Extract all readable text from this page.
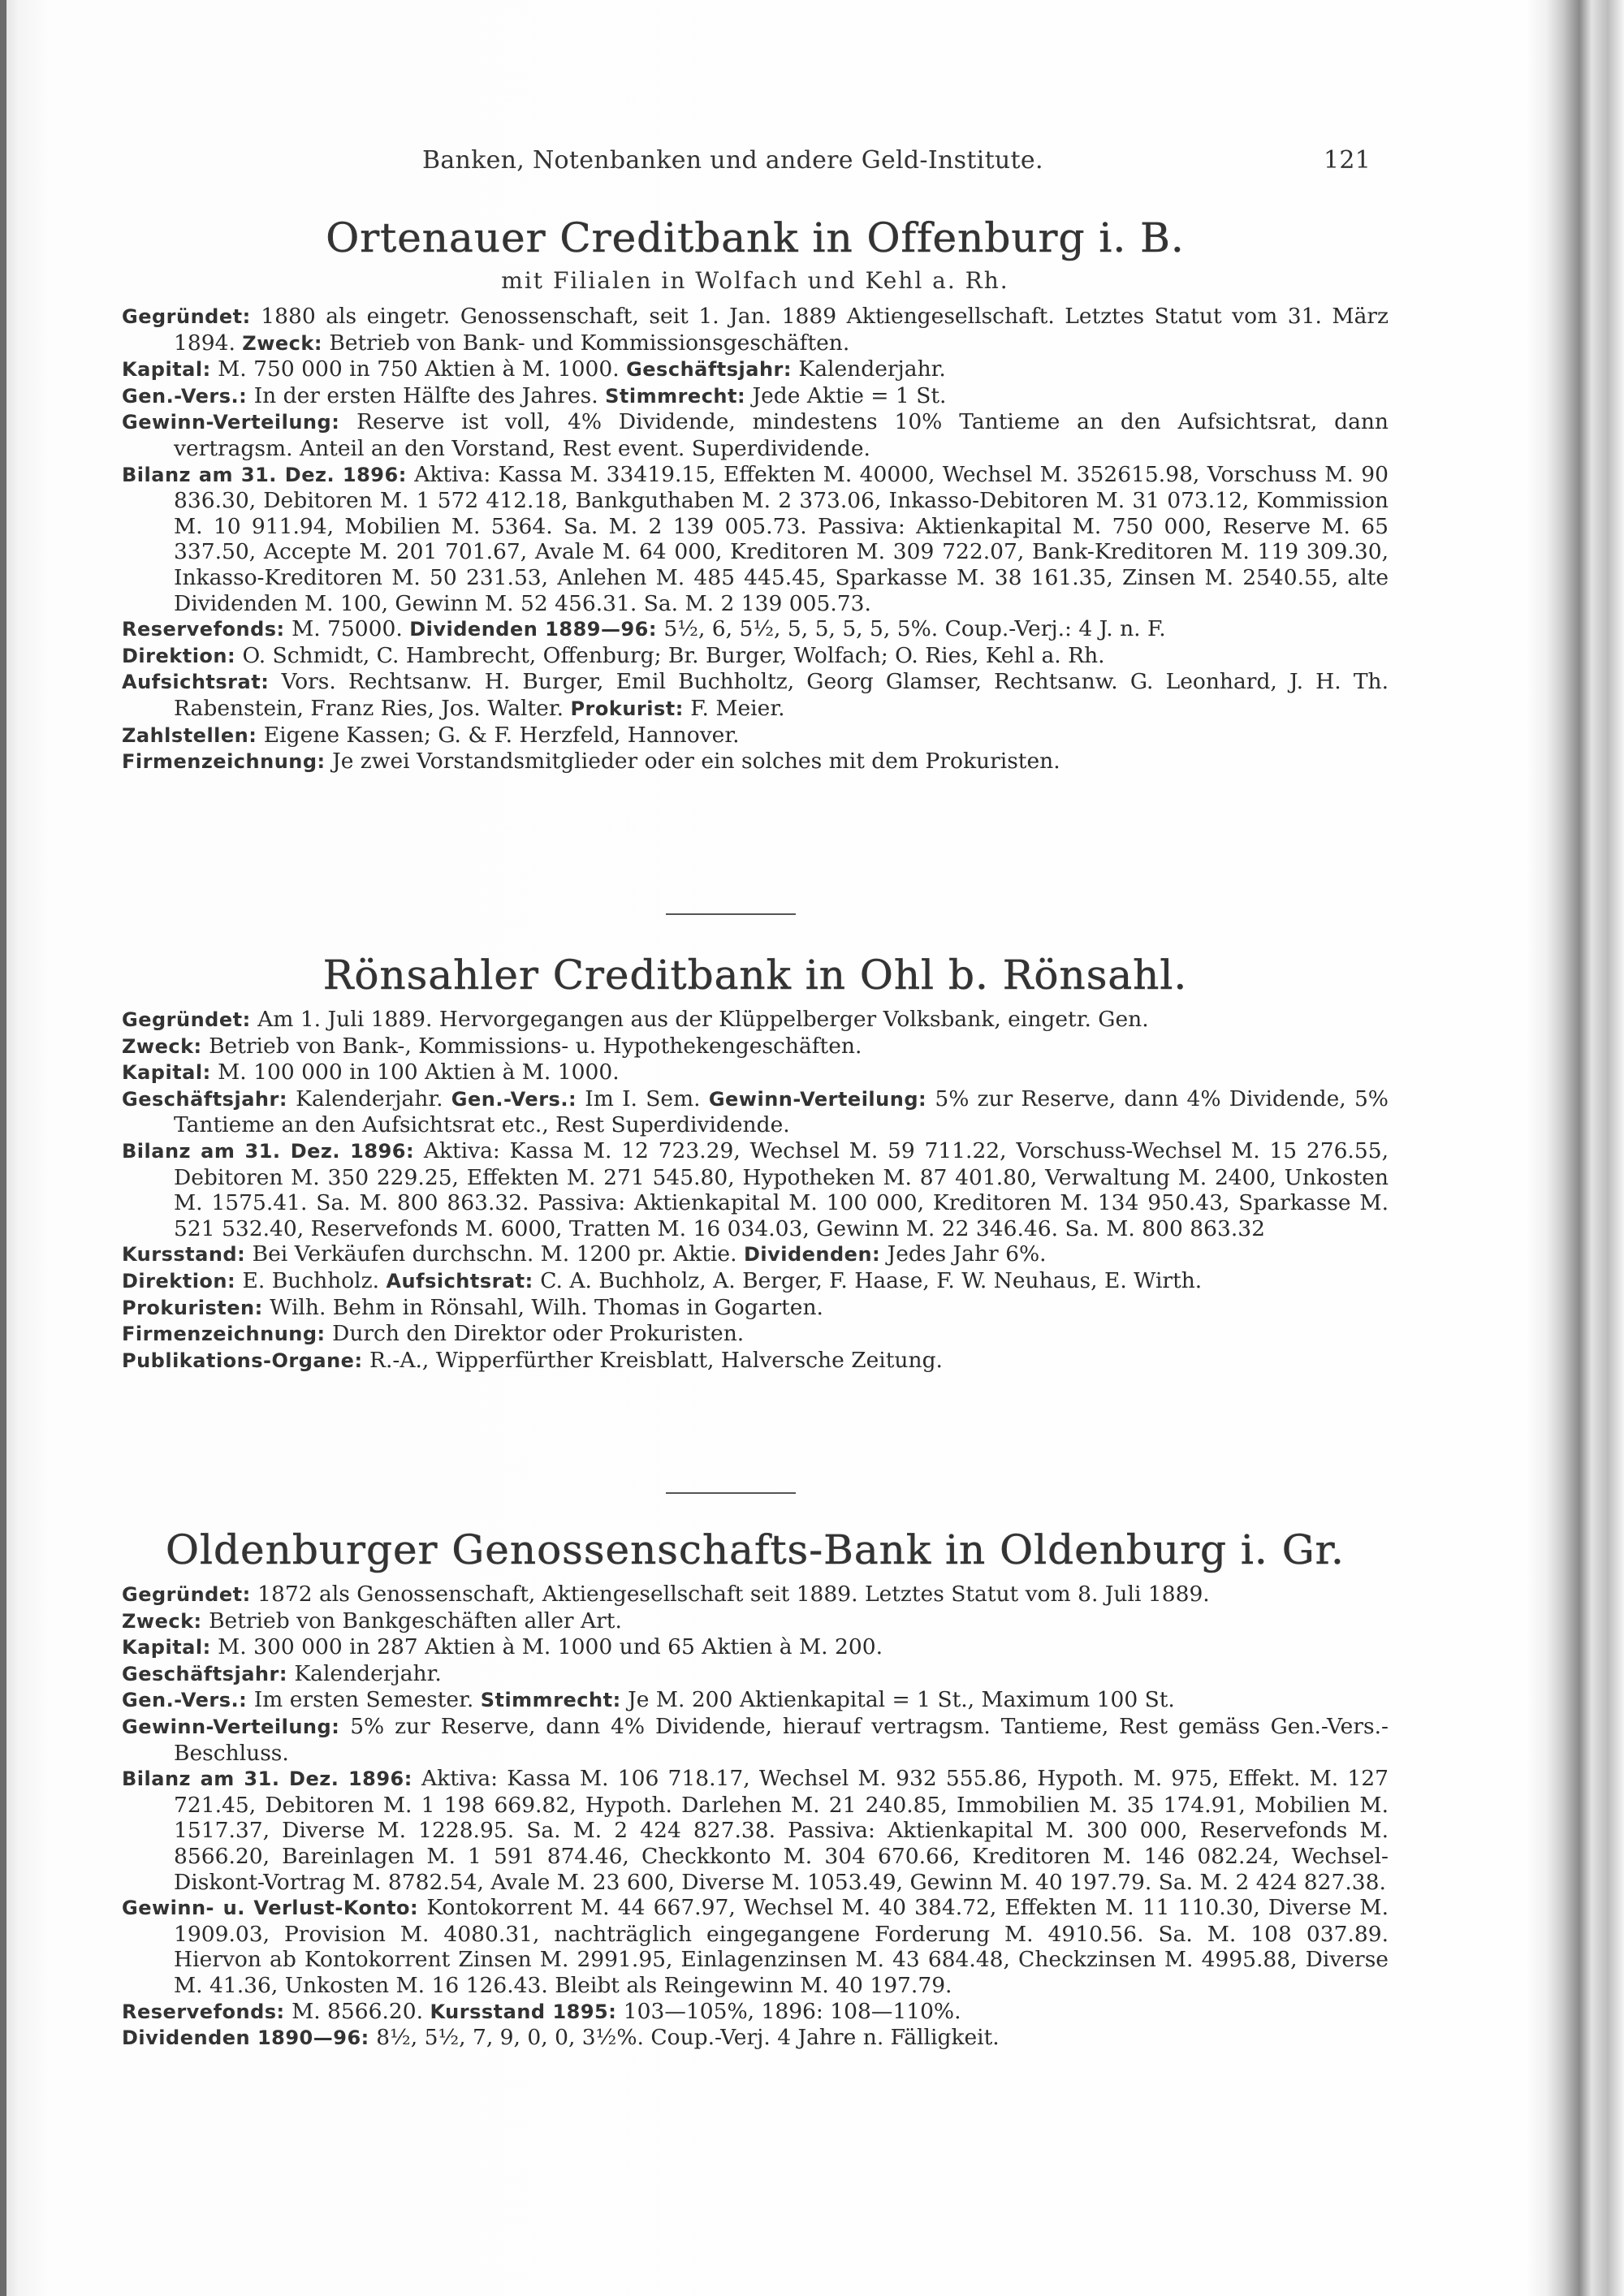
Banken, Notenbanken und andere Geld-Institute.	121
Ortenauer Creditbank in Offenburg i. B.
mit Filialen in Wolfach und Kehl a. Rh.

Gegründet: 1880 als eingetr. Genossenschaft, seit 1. Jan. 1889 Aktiengesellschaft. Letztes Statut vom 31. März 1894. Zweck: Betrieb von Bank- und Kommissionsgeschäften.

Kapital: M. 750 000 in 750 Aktien à M. 1000. Geschäftsjahr: Kalenderjahr.

Gen.-Vers.: In der ersten Hälfte des Jahres. Stimmrecht: Jede Aktie = 1 St.

Gewinn-Verteilung: Reserve ist voll, 4% Dividende, mindestens 10% Tantieme an den Aufsichtsrat, dann vertragsm. Anteil an den Vorstand, Rest event. Superdividende.

Bilanz am 31. Dez. 1896: Aktiva: Kassa M. 33419.15, Effekten M. 40000, Wechsel M. 352615.98, Vorschuss M. 90 836.30, Debitoren M. 1 572 412.18, Bankguthaben M. 2 373.06, Inkasso-Debitoren M. 31 073.12, Kommission M. 10 911.94, Mobilien M. 5364. Sa. M. 2 139 005.73. Passiva: Aktienkapital M. 750 000, Reserve M. 65 337.50, Accepte M. 201 701.67, Avale M. 64 000, Kreditoren M. 309 722.07, Bank-Kreditoren M. 119 309.30, Inkasso-Kreditoren M. 50 231.53, Anlehen M. 485 445.45, Sparkasse M. 38 161.35, Zinsen M. 2540.55, alte Dividenden M. 100, Gewinn M. 52 456.31. Sa. M. 2 139 005.73.

Reservefonds: M. 75000. Dividenden 1889—96: 5½, 6, 5½, 5, 5, 5, 5, 5%. Coup.-Verj.: 4 J. n. F.

Direktion: O. Schmidt, C. Hambrecht, Offenburg; Br. Burger, Wolfach; O. Ries, Kehl a. Rh.

Aufsichtsrat: Vors. Rechtsanw. H. Burger, Emil Buchholtz, Georg Glamser, Rechtsanw. G. Leonhard, J. H. Th. Rabenstein, Franz Ries, Jos. Walter. Prokurist: F. Meier.

Zahlstellen: Eigene Kassen; G. & F. Herzfeld, Hannover.

Firmenzeichnung: Je zwei Vorstandsmitglieder oder ein solches mit dem Prokuristen.

Rönsahler Creditbank in Ohl b. Rönsahl.

Gegründet: Am 1. Juli 1889. Hervorgegangen aus der Klüppelberger Volksbank, eingetr. Gen.

Zweck: Betrieb von Bank-, Kommissions- u. Hypothekengeschäften.

Kapital: M. 100 000 in 100 Aktien à M. 1000.

Geschäftsjahr: Kalenderjahr. Gen.-Vers.: Im I. Sem. Gewinn-Verteilung: 5% zur Reserve, dann 4% Dividende, 5% Tantieme an den Aufsichtsrat etc., Rest Superdividende.

Bilanz am 31. Dez. 1896: Aktiva: Kassa M. 12 723.29, Wechsel M. 59 711.22, Vorschuss-Wechsel M. 15 276.55, Debitoren M. 350 229.25, Effekten M. 271 545.80, Hypotheken M. 87 401.80, Verwaltung M. 2400, Unkosten M. 1575.41. Sa. M. 800 863.32. Passiva: Aktienkapital M. 100 000, Kreditoren M. 134 950.43, Sparkasse M. 521 532.40, Reservefonds M. 6000, Tratten M. 16 034.03, Gewinn M. 22 346.46. Sa. M. 800 863.32

Kursstand: Bei Verkäufen durchschn. M. 1200 pr. Aktie. Dividenden: Jedes Jahr 6%.

Direktion: E. Buchholz. Aufsichtsrat: C. A. Buchholz, A. Berger, F. Haase, F. W. Neuhaus, E. Wirth.

Prokuristen: Wilh. Behm in Rönsahl, Wilh. Thomas in Gogarten.

Firmenzeichnung: Durch den Direktor oder Prokuristen.

Publikations-Organe: R.-A., Wipperfürther Kreisblatt, Halversche Zeitung.

Oldenburger Genossenschafts-Bank in Oldenburg i. Gr.

Gegründet: 1872 als Genossenschaft, Aktiengesellschaft seit 1889. Letztes Statut vom 8. Juli 1889.

Zweck: Betrieb von Bankgeschäften aller Art.

Kapital: M. 300 000 in 287 Aktien à M. 1000 und 65 Aktien à M. 200.

Geschäftsjahr: Kalenderjahr.

Gen.-Vers.: Im ersten Semester. Stimmrecht: Je M. 200 Aktienkapital = 1 St., Maximum 100 St.

Gewinn-Verteilung: 5% zur Reserve, dann 4% Dividende, hierauf vertragsm. Tantieme, Rest gemäss Gen.-Vers.-Beschluss.

Bilanz am 31. Dez. 1896: Aktiva: Kassa M. 106 718.17, Wechsel M. 932 555.86, Hypoth. M. 975, Effekt. M. 127 721.45, Debitoren M. 1 198 669.82, Hypoth. Darlehen M. 21 240.85, Immobilien M. 35 174.91, Mobilien M. 1517.37, Diverse M. 1228.95. Sa. M. 2 424 827.38. Passiva: Aktienkapital M. 300 000, Reservefonds M. 8566.20, Bareinlagen M. 1 591 874.46, Checkkonto M. 304 670.66, Kreditoren M. 146 082.24, Wechsel-Diskont-Vortrag M. 8782.54, Avale M. 23 600, Diverse M. 1053.49, Gewinn M. 40 197.79. Sa. M. 2 424 827.38.

Gewinn- u. Verlust-Konto: Kontokorrent M. 44 667.97, Wechsel M. 40 384.72, Effekten M. 11 110.30, Diverse M. 1909.03, Provision M. 4080.31, nachträglich eingegangene Forderung M. 4910.56. Sa. M. 108 037.89. Hiervon ab Kontokorrent Zinsen M. 2991.95, Einlagenzinsen M. 43 684.48, Checkzinsen M. 4995.88, Diverse M. 41.36, Unkosten M. 16 126.43. Bleibt als Reingewinn M. 40 197.79.

Reservefonds: M. 8566.20. Kursstand 1895: 103—105%, 1896: 108—110%.

Dividenden 1890—96: 8½, 5½, 7, 9, 0, 0, 3½%. Coup.-Verj. 4 Jahre n. Fälligkeit.
